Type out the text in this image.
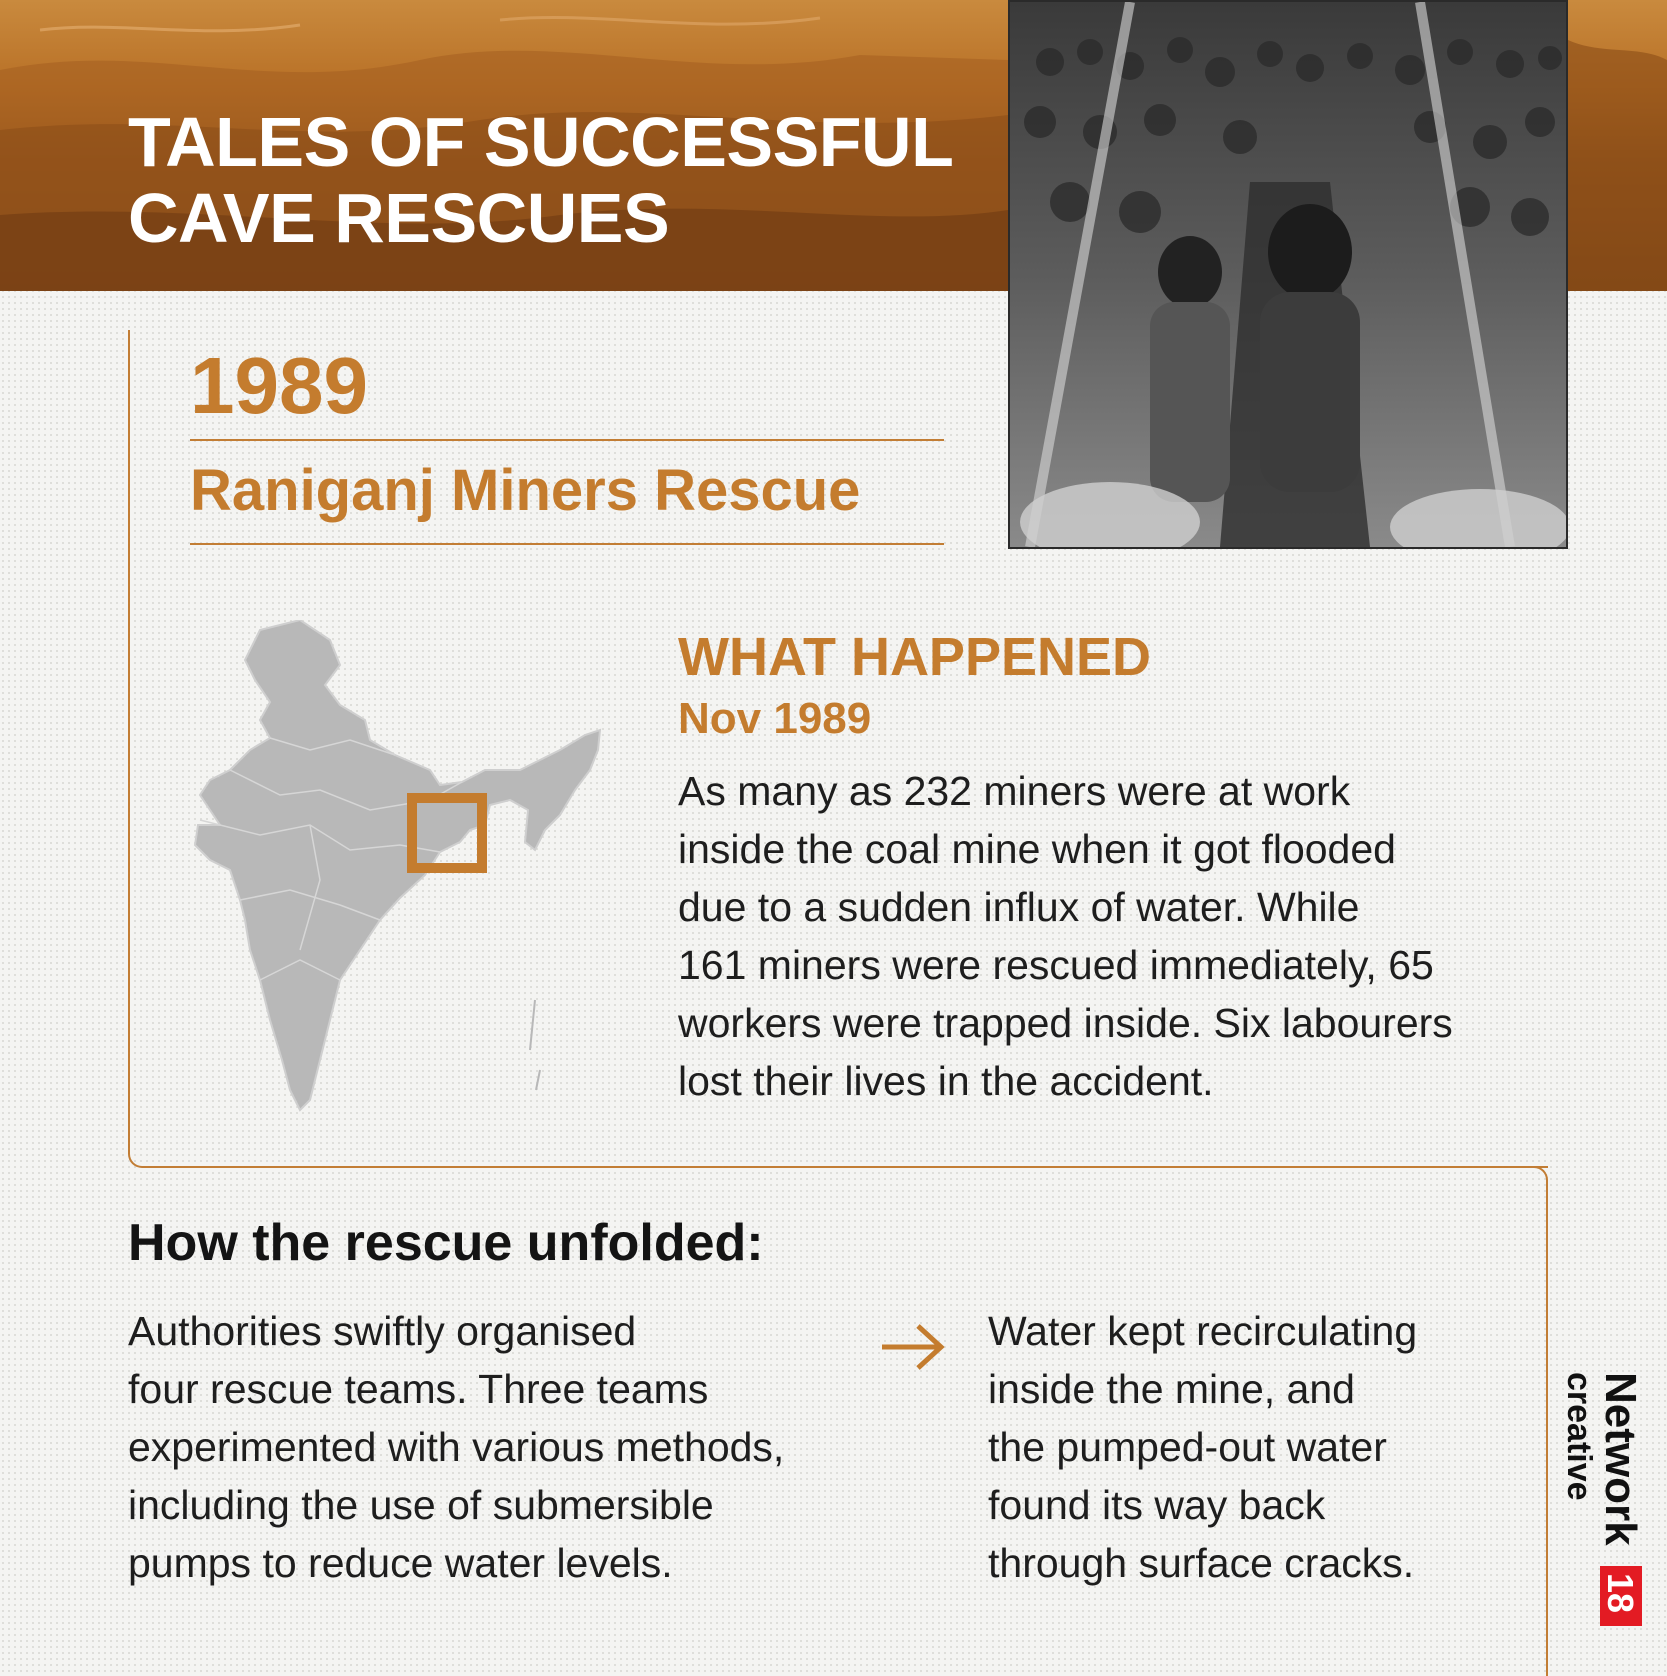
TALES OF SUCCESSFUL
CAVE RESCUES
1989
Raniganj Miners Rescue
WHAT HAPPENED
Nov 1989

As many as 232 miners were at work
inside the coal mine when it got flooded
due to a sudden influx of water. While
161 miners were rescued immediately, 65
workers were trapped inside. Six labourers
lost their lives in the accident.

How the rescue unfolded:

Authorities swiftly organised
four rescue teams. Three teams
experimented with various methods,
including the use of submersible
pumps to reduce water levels.

Water kept recirculating
inside the mine, and
the pumped-out water
found its way back
through surface cracks.

Network
18
creative
